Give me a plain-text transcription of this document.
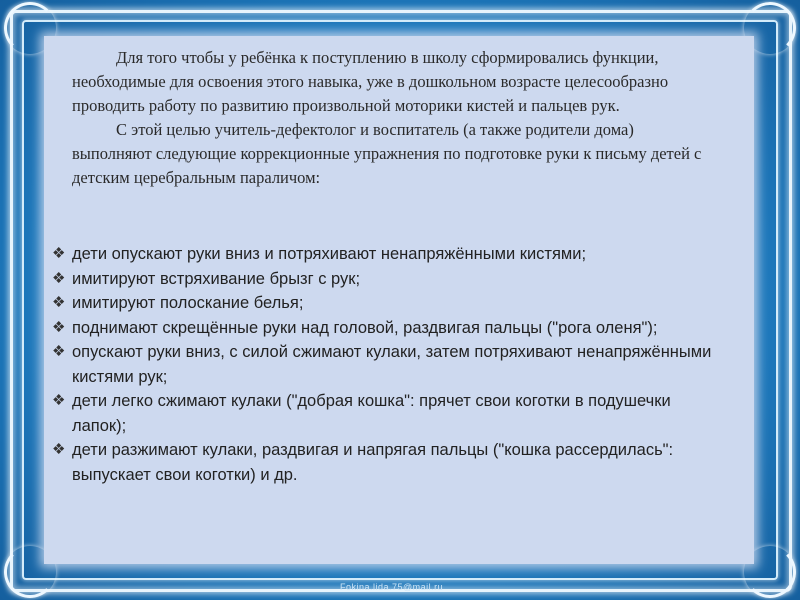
Для того чтобы у ребёнка к поступлению в школу сформировались функции, необходимые для освоения этого навыка, уже в дошкольном возрасте целесообразно проводить работу по развитию произвольной моторики кистей и пальцев рук.

С этой целью учитель-дефектолог и воспитатель (а также родители дома) выполняют следующие коррекционные упражнения по подготовке руки к письму детей с детским церебральным параличом:

❖ дети опускают руки вниз и потряхивают ненапряжёнными кистями;
❖ имитируют встряхивание брызг с рук;
❖ имитируют полоскание белья;
❖ поднимают скрещённые руки над головой, раздвигая пальцы ("рога оленя");
❖ опускают руки вниз, с силой сжимают кулаки, затем потряхивают ненапряжёнными кистями рук;
❖ дети легко сжимают кулаки ("добрая кошка": прячет свои коготки в подушечки лапок);
❖ дети разжимают кулаки, раздвигая и напрягая пальцы ("кошка рассердилась": выпускает свои коготки) и др.
Fokina.lida.75@mail.ru
